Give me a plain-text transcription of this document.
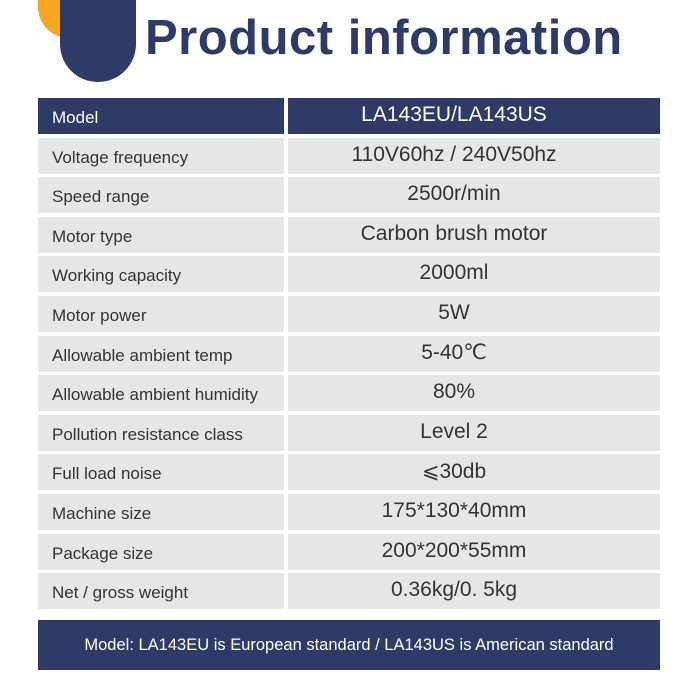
Product information
Model	LA143EU/LA143US
Voltage frequency	110V60hz / 240V50hz
Speed range	2500r/min
Motor type	Carbon brush motor
Working capacity	2000ml
Motor power	5W
Allowable ambient temp	5-40℃
Allowable ambient humidity	80%
Pollution resistance class	Level 2
Full load noise	⩽30db
Machine size	175*130*40mm
Package size	200*200*55mm
Net / gross weight	0.36kg/0. 5kg
Model: LA143EU is European standard / LA143US is American standard
